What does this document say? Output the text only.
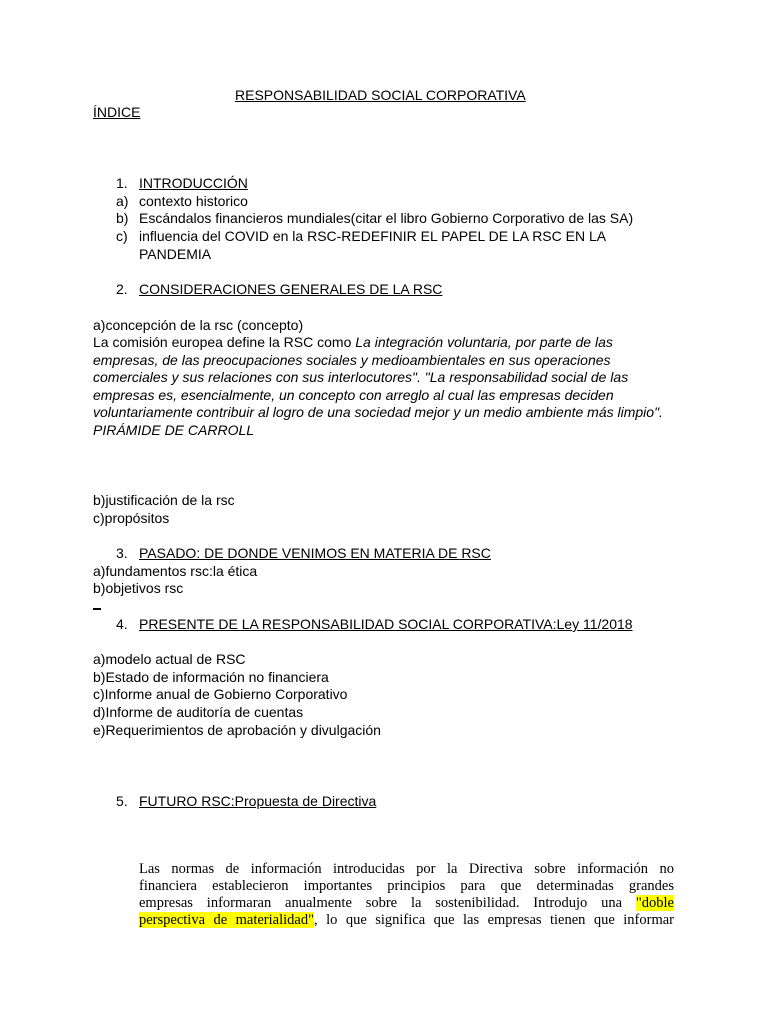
RESPONSABILIDAD SOCIAL CORPORATIVA
ÍNDICE
1. INTRODUCCIÓN
a) contexto historico
b) Escándalos financieros mundiales(citar el libro Gobierno Corporativo de las SA)
c) influencia del COVID en la RSC-REDEFINIR EL PAPEL DE LA RSC EN LA
PANDEMIA
2. CONSIDERACIONES GENERALES DE LA RSC
a)concepción de la rsc (concepto)
La comisión europea define la RSC como La integración voluntaria, por parte de las
empresas, de las preocupaciones sociales y medioambientales en sus operaciones
comerciales y sus relaciones con sus interlocutores". "La responsabilidad social de las
empresas es, esencialmente, un concepto con arreglo al cual las empresas deciden
voluntariamente contribuir al logro de una sociedad mejor y un medio ambiente más limpio".
PIRÁMIDE DE CARROLL
b)justificación de la rsc
c)propósitos
3. PASADO: DE DONDE VENIMOS EN MATERIA DE RSC
a)fundamentos rsc:la ética
b)objetivos rsc
4. PRESENTE DE LA RESPONSABILIDAD SOCIAL CORPORATIVA:Ley 11/2018
a)modelo actual de RSC
b)Estado de información no financiera
c)Informe anual de Gobierno Corporativo
d)Informe de auditoría de cuentas
e)Requerimientos de aprobación y divulgación
5. FUTURO RSC:Propuesta de Directiva
Las normas de información introducidas por la Directiva sobre información no
financiera establecieron importantes principios para que determinadas grandes
empresas informaran anualmente sobre la sostenibilidad. Introdujo una "doble
perspectiva de materialidad", lo que significa que las empresas tienen que informar
